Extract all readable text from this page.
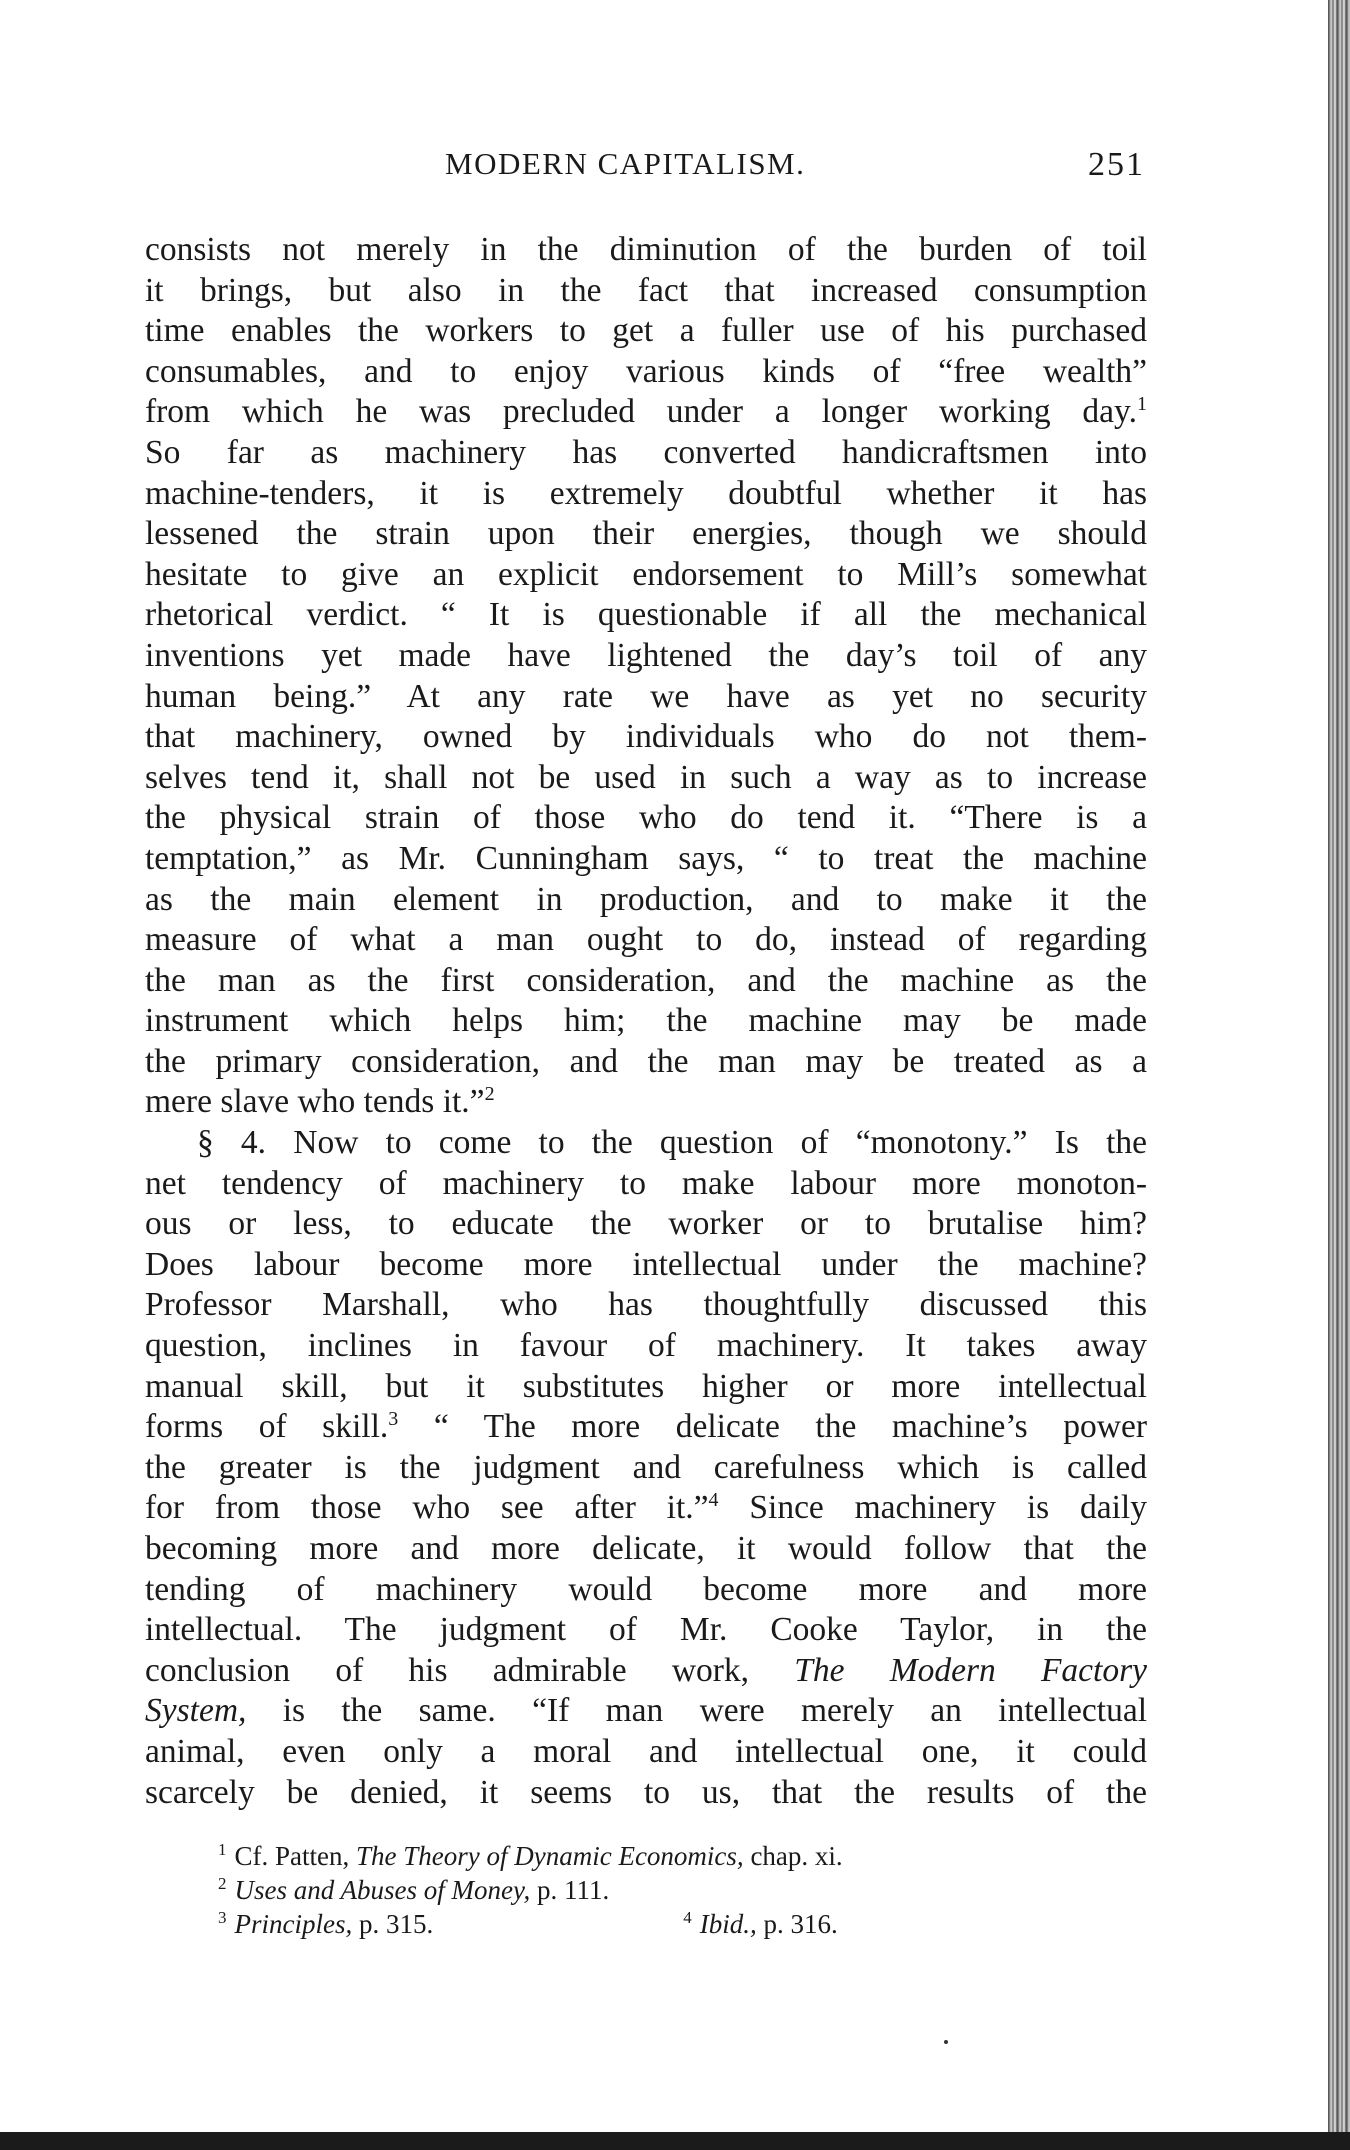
MODERN CAPITALISM.	251
consists not merely in the diminution of the burden of toil
it brings, but also in the fact that increased consumption
time enables the workers to get a fuller use of his purchased
consumables, and to enjoy various kinds of “free wealth”
from which he was precluded under a longer working day.$^1$
So far as machinery has converted handicraftsmen into
machine-tenders, it is extremely doubtful whether it has
lessened the strain upon their energies, though we should
hesitate to give an explicit endorsement to Mill’s somewhat
rhetorical verdict. “ It is questionable if all the mechanical
inventions yet made have lightened the day’s toil of any
human being.” At any rate we have as yet no security
that machinery, owned by individuals who do not them-
selves tend it, shall not be used in such a way as to increase
the physical strain of those who do tend it. “There is a
temptation,” as Mr. Cunningham says, “ to treat the machine
as the main element in production, and to make it the
measure of what a man ought to do, instead of regarding
the man as the first consideration, and the machine as the
instrument which helps him; the machine may be made
the primary consideration, and the man may be treated as a
mere slave who tends it.”$^2$
§ 4. Now to come to the question of “monotony.” Is the
net tendency of machinery to make labour more monoton-
ous or less, to educate the worker or to brutalise him?
Does labour become more intellectual under the machine?
Professor Marshall, who has thoughtfully discussed this
question, inclines in favour of machinery. It takes away
manual skill, but it substitutes higher or more intellectual
forms of skill.$^3$ “ The more delicate the machine’s power
the greater is the judgment and carefulness which is called
for from those who see after it.”$^4$ Since machinery is daily
becoming more and more delicate, it would follow that the
tending of machinery would become more and more
intellectual. The judgment of Mr. Cooke Taylor, in the
conclusion of his admirable work, The Modern Factory
System, is the same. “If man were merely an intellectual
animal, even only a moral and intellectual one, it could
scarcely be denied, it seems to us, that the results of the
$^1$ Cf. Patten, The Theory of Dynamic Economics, chap. xi.
$^2$ Uses and Abuses of Money, p. 111.
$^3$ Principles, p. 315.	$^4$ Ibid., p. 316.
